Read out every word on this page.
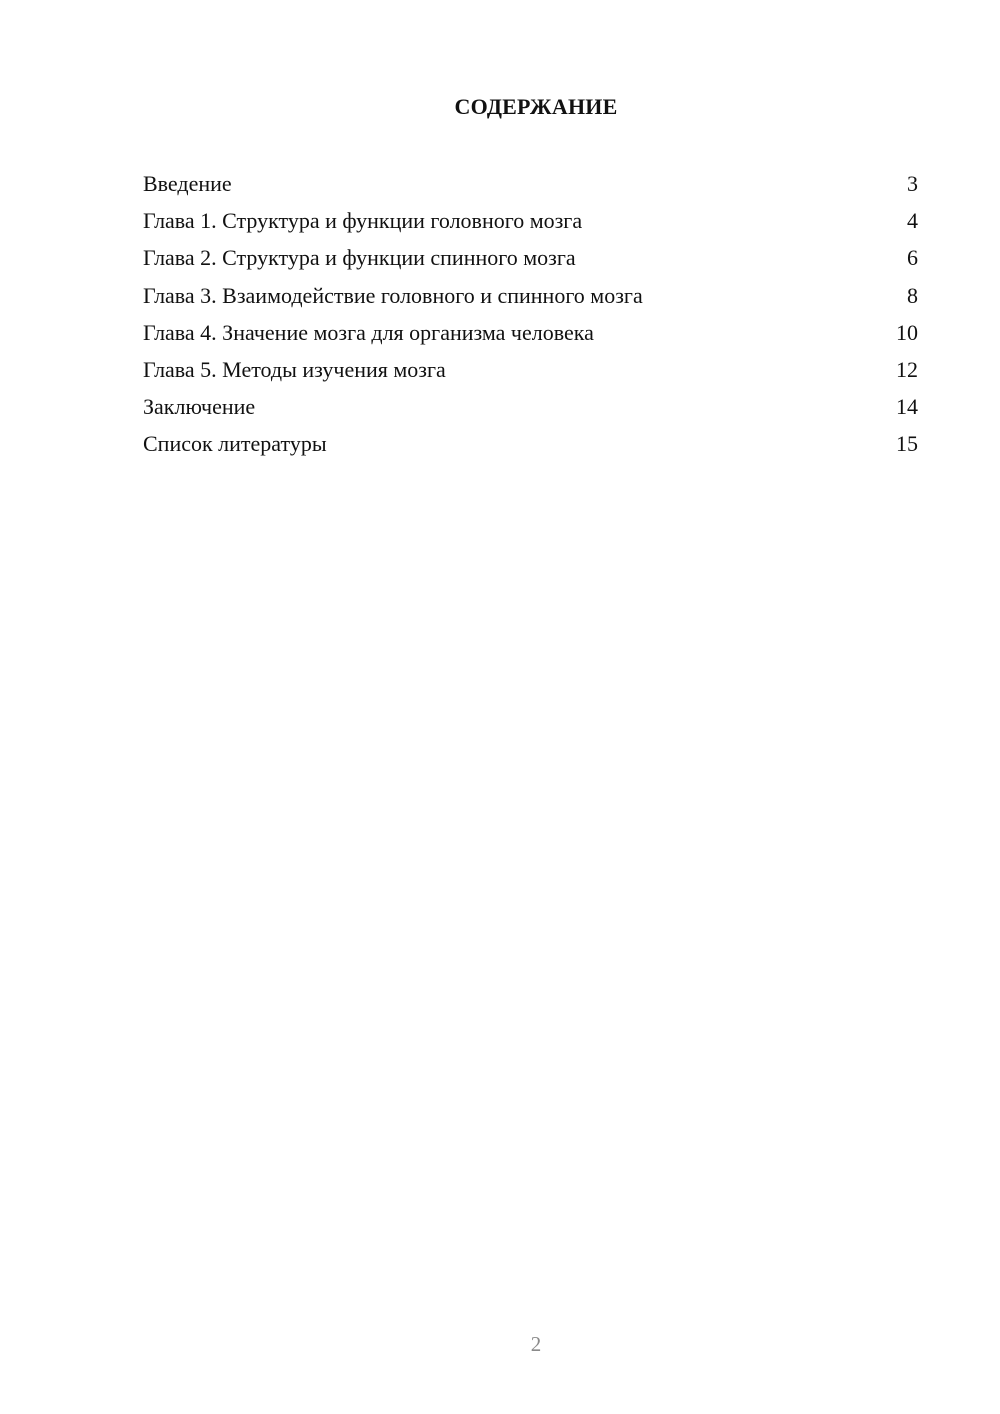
СОДЕРЖАНИЕ
Введение	3
Глава 1. Структура и функции головного мозга	4
Глава 2. Структура и функции спинного мозга	6
Глава 3. Взаимодействие головного и спинного мозга	8
Глава 4. Значение мозга для организма человека	10
Глава 5. Методы изучения мозга	12
Заключение	14
Список литературы	15
2
